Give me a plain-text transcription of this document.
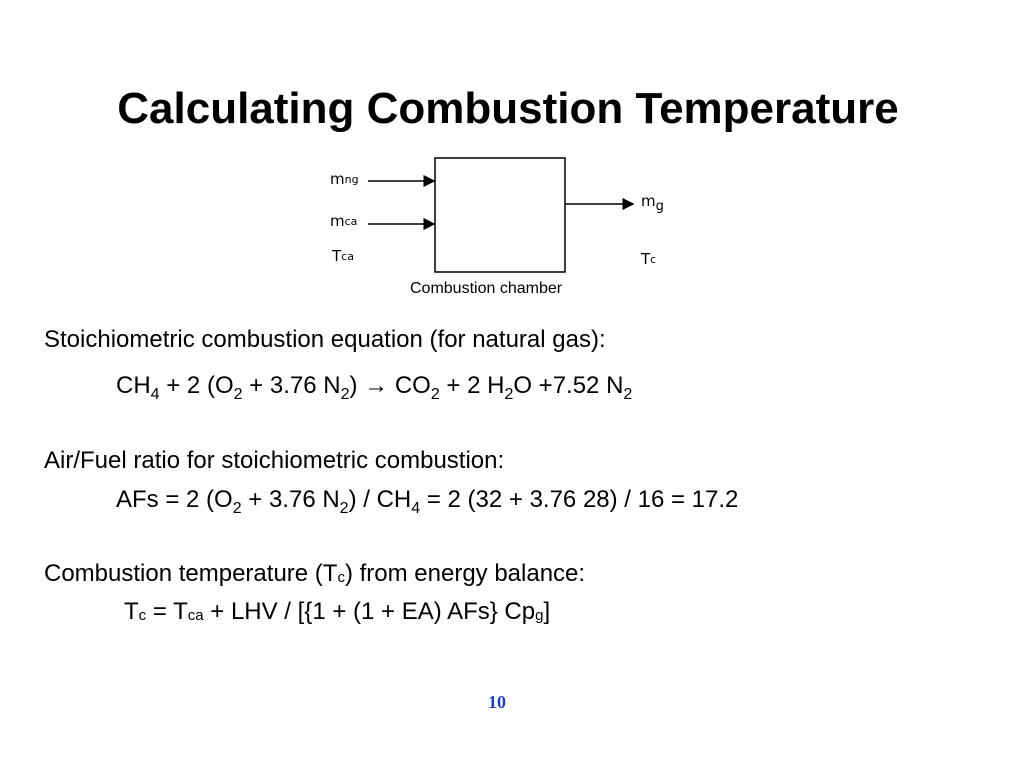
Calculating Combustion Temperature
$m_{ng}$
$m_{ca}$
$T_{ca}$
$m_g$
$T_c$
Combustion chamber
Stoichiometric combustion equation (for natural gas):
$CH_4 + 2$ ($O_2 + 3.76$ $N_2) \to CO_2 + 2$ $H_2O +7.52$ $N_2$
Air/Fuel ratio for stoichiometric combustion:
AFs = 2 ($O_2 + 3.76$ $N_2) / CH_4 = 2$ (32 + 3.76 28) / 16 = 17.2
Combustion temperature (Tc) from energy balance:
Tc = Tca + LHV / [{1 + (1 + EA) AFs} Cpg]
10
